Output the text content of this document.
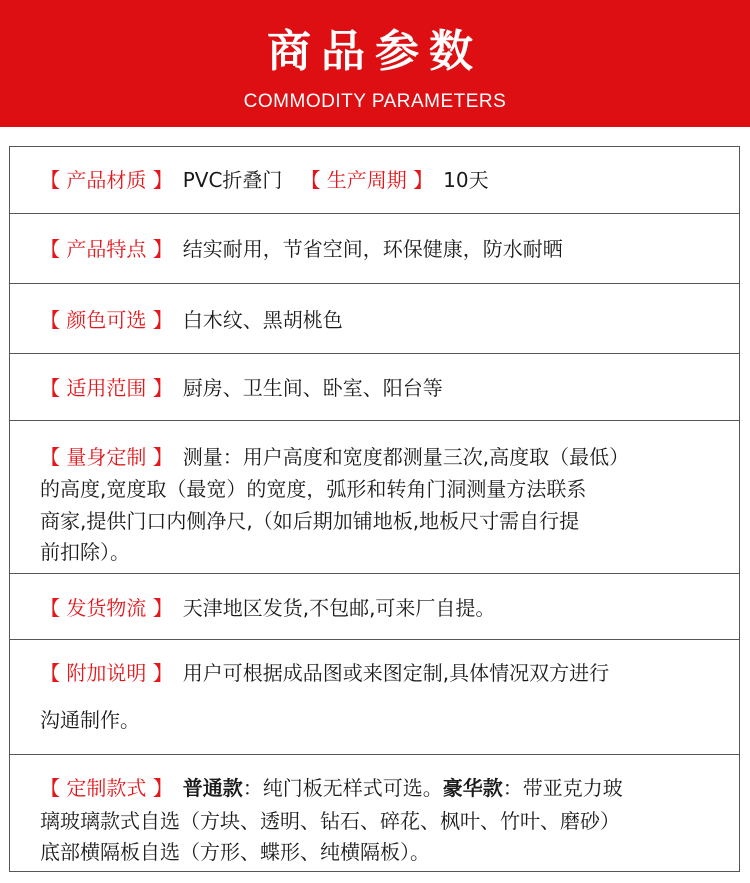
商品参数
COMMODITY PARAMETERS
【 产品材质 】 PVC折叠门 【 生产周期 】 10天
【 产品特点 】 结实耐用，节省空间，环保健康，防水耐晒
【 颜色可选 】 白木纹、黑胡桃色
【 适用范围 】 厨房、卫生间、卧室、阳台等
【 量身定制 】 测量：用户高度和宽度都测量三次,高度取（最低）
的高度,宽度取（最宽）的宽度，弧形和转角门洞测量方法联系
商家,提供门口内侧净尺,（如后期加铺地板,地板尺寸需自行提
前扣除）。
【 发货物流 】 天津地区发货,不包邮,可来厂自提。
【 附加说明 】 用户可根据成品图或来图定制,具体情况双方进行
沟通制作。
【 定制款式 】 普通款：纯门板无样式可选。豪华款：带亚克力玻
璃玻璃款式自选（方块、透明、钻石、碎花、枫叶、竹叶、磨砂）
底部横隔板自选（方形、蝶形、纯横隔板）。
